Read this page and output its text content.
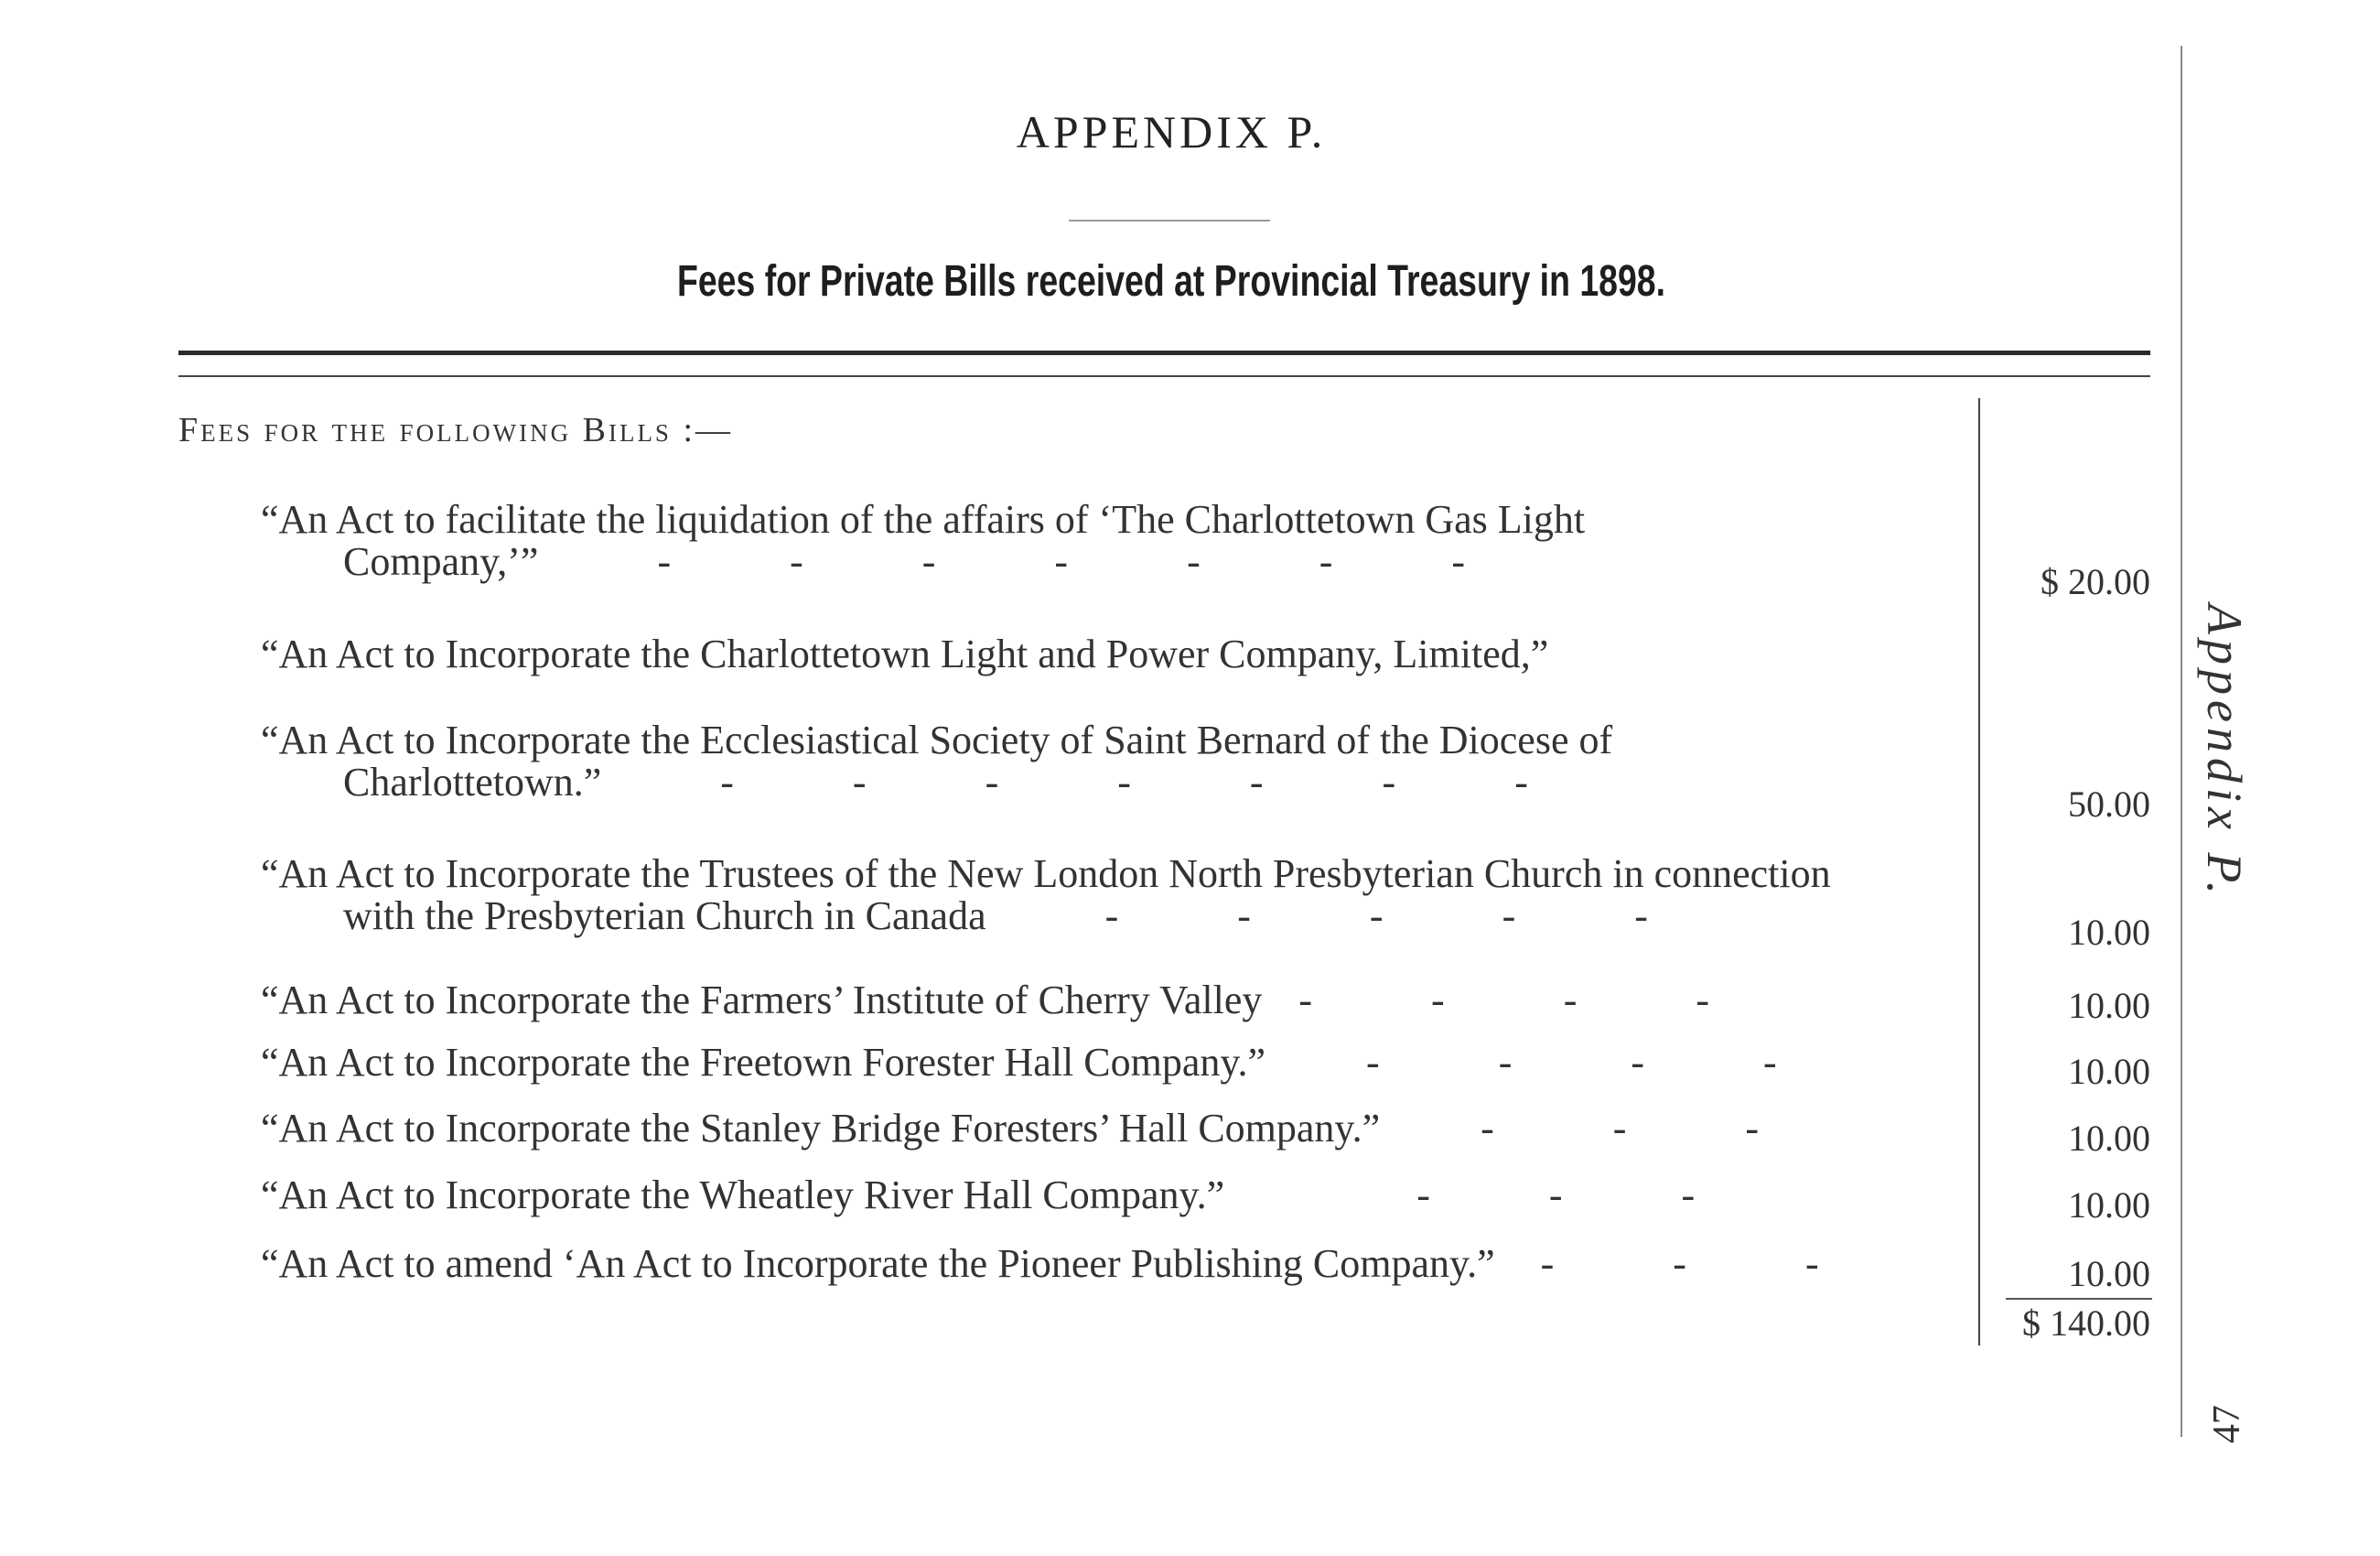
APPENDIX P.
Fees for Private Bills received at Provincial Treasury in 1898.
Fees for the following Bills :—
“An Act to facilitate the liquidation of the affairs of ‘The Charlottetown Gas Light
Company,’”	-	-	-	-	-	-	-	$ 20.00
“An Act to Incorporate the Charlottetown Light and Power Company, Limited,”
“An Act to Incorporate the Ecclesiastical Society of Saint Bernard of the Diocese of
Charlottetown.”	-	-	-	-	-	-	-	50.00
“An Act to Incorporate the Trustees of the New London North Presbyterian Church in connection
with the Presbyterian Church in Canada	-	-	-	-	-	10.00
“An Act to Incorporate the Farmers’ Institute of Cherry Valley -	-	-	-	10.00
“An Act to Incorporate the Freetown Forester Hall Company.”	-	-	-	-	10.00
“An Act to Incorporate the Stanley Bridge Foresters’ Hall Company.”	-	-	-	10.00
“An Act to Incorporate the Wheatley River Hall Company.”	-	-	-	10.00
“An Act to amend ‘An Act to Incorporate the Pioneer Publishing Company.” -	-	-	10.00
$ 140.00
Appendix P.
47
